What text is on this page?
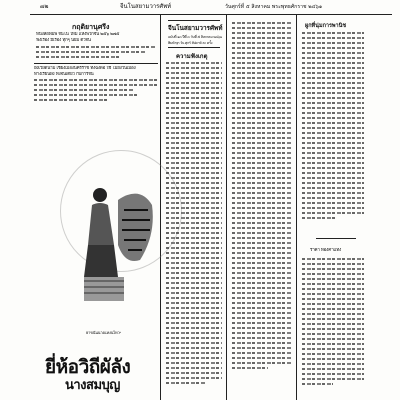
๗๒	จีนโนสยามวารศัพท์	วันศุกร์ที่ ๕ สิงหาคม พระพุทธศักราช ๒๔๖๑
กฤติยานุศรีง
หนังสือพิมพ์ จีนโน ใหม่ แห่งพวกจีน ๒๕๖ ๒๗๕
ฟังเรื่อง มีเรื่อง ทุกๆ นิยม ตัวจีน
ยังเวียดนาม เชียงเมืองนครราช ทั้งฉังดอ ใช้ ไม่ยิ่งวันเมือง
ทางเรียนฝั่ง ฟังจิ้นเดียว กับการจีน
ยาขนันนางแหงนไหวๆ
ยี่ห้อวิถีผัลัง
นางสมบุญ
จีนโนสยามวารศัพท์
ฉบับที่ ๑๓ ปีที่ ๓ วันที่ ๕ สิงหาคม ๒๔๖๑
พิมพ์ ทุก วัน ศุกร์ สัปดาห์ ละ ครั้ง
ความฟังเกตุ
ผูกที่นุ่มการพานิช
ราคา ทองคำแท่ง
